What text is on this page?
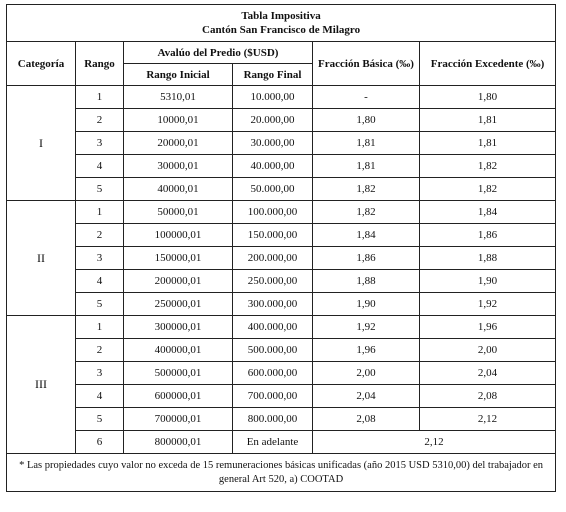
Tabla Impositiva
Cantón San Francisco de Milagro					

Categoría	Rango	Avalúo del Predio ($USD)		Fracción Básica (‰)	Fracción Excedente (‰)
		Rango Inicial	Rango Final		
I	1	5310,01	10.000,00	-	1,80
	2	10000,01	20.000,00	1,80	1,81
	3	20000,01	30.000,00	1,81	1,81
	4	30000,01	40.000,00	1,81	1,82
	5	40000,01	50.000,00	1,82	1,82
II	1	50000,01	100.000,00	1,82	1,84
	2	100000,01	150.000,00	1,84	1,86
	3	150000,01	200.000,00	1,86	1,88
	4	200000,01	250.000,00	1,88	1,90
	5	250000,01	300.000,00	1,90	1,92
III	1	300000,01	400.000,00	1,92	1,96
	2	400000,01	500.000,00	1,96	2,00
	3	500000,01	600.000,00	2,00	2,04
	4	600000,01	700.000,00	2,04	2,08
	5	700000,01	800.000,00	2,08	2,12
	6	800000,01	En adelante	2,12	
* Las propiedades cuyo valor no exceda de 15 remuneraciones básicas unificadas (año 2015 USD 5310,00) del trabajador en general Art 520, a) COOTAD					
